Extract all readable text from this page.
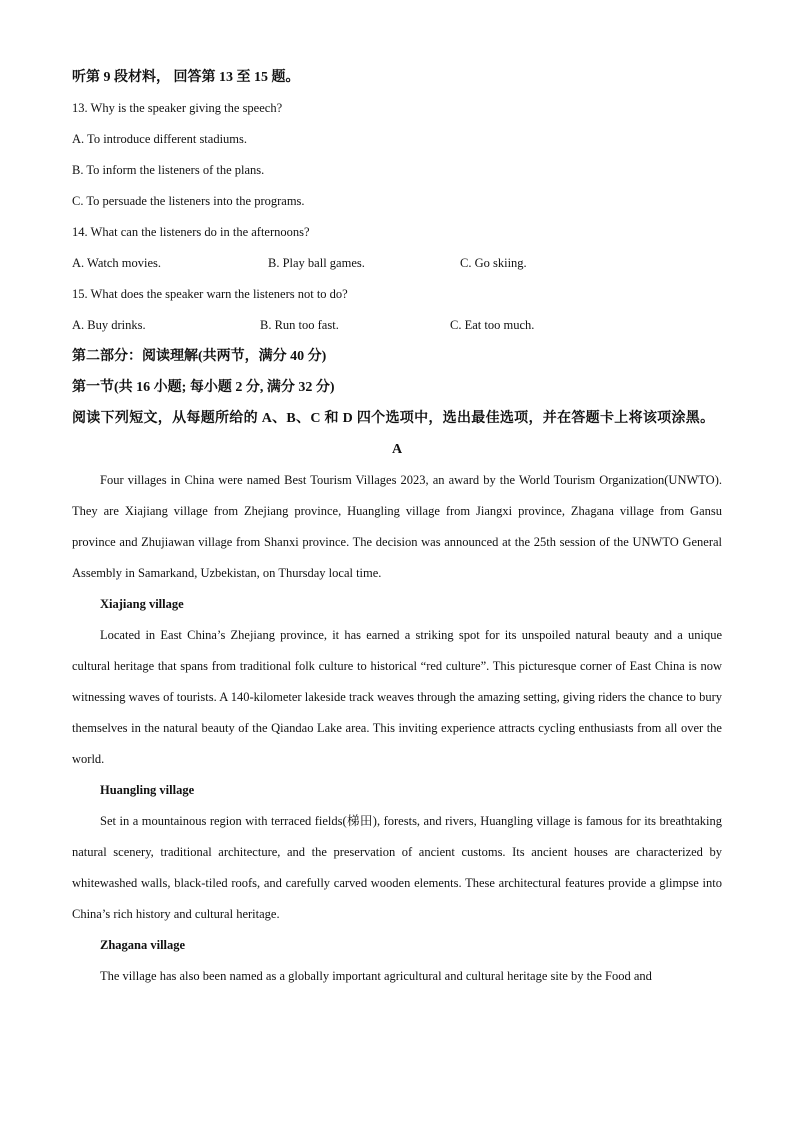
听第 9 段材料， 回答第 13 至 15 题。
13. Why is the speaker giving the speech?
A. To introduce different stadiums.
B. To inform the listeners of the plans.
C. To persuade the listeners into the programs.
14. What can the listeners do in the afternoons?
A. Watch movies.	B. Play ball games.	C. Go skiing.
15. What does the speaker warn the listeners not to do?
A. Buy drinks.	B. Run too fast.	C. Eat too much.
第二部分：阅读理解(共两节，满分 40 分)
第一节(共 16 小题; 每小题 2 分, 满分 32 分)

阅读下列短文，从每题所给的 A、B、C 和 D 四个选项中，选出最佳选项，并在答题卡上将该项涂黑。

A

Four villages in China were named Best Tourism Villages 2023, an award by the World Tourism Organization(UNWTO). They are Xiajiang village from Zhejiang province, Huangling village from Jiangxi province, Zhagana village from Gansu province and Zhujiawan village from Shanxi province. The decision was announced at the 25th session of the UNWTO General Assembly in Samarkand, Uzbekistan, on Thursday local time.

Xiajiang village

Located in East China’s Zhejiang province, it has earned a striking spot for its unspoiled natural beauty and a unique cultural heritage that spans from traditional folk culture to historical “red culture”. This picturesque corner of East China is now witnessing waves of tourists. A 140-kilometer lakeside track weaves through the amazing setting, giving riders the chance to bury themselves in the natural beauty of the Qiandao Lake area. This inviting experience attracts cycling enthusiasts from all over the world.

Huangling village

Set in a mountainous region with terraced fields(梯田), forests, and rivers, Huangling village is famous for its breathtaking natural scenery, traditional architecture, and the preservation of ancient customs. Its ancient houses are characterized by whitewashed walls, black-tiled roofs, and carefully carved wooden elements. These architectural features provide a glimpse into China’s rich history and cultural heritage.

Zhagana village

The village has also been named as a globally important agricultural and cultural heritage site by the Food and
